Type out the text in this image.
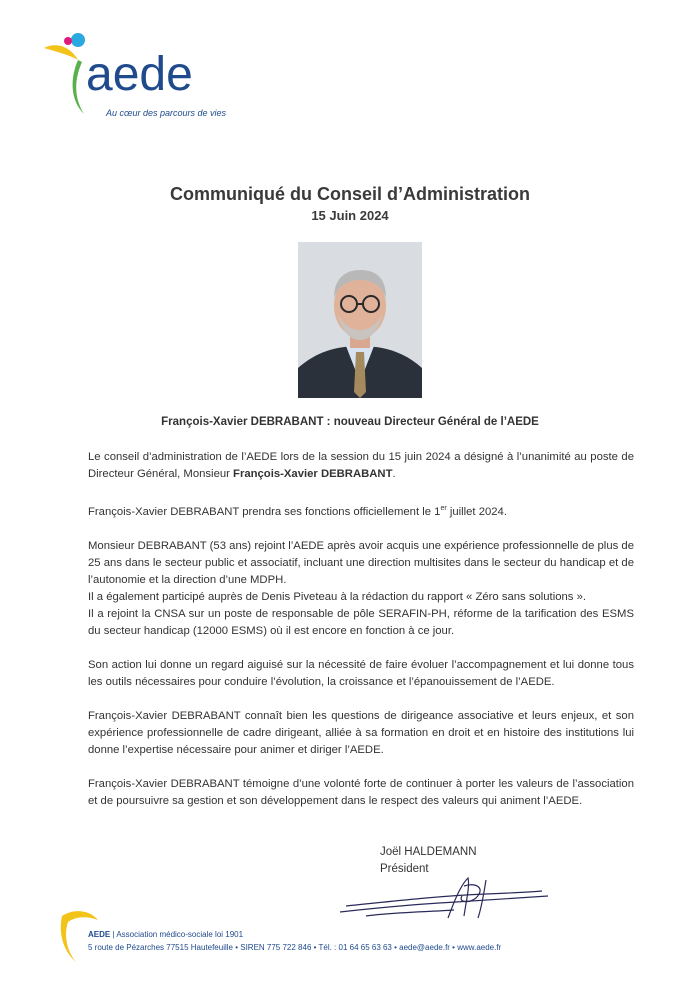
aede
Au cœur des parcours de vies
Communiqué du Conseil d’Administration
15 Juin 2024
François-Xavier DEBRABANT : nouveau Directeur Général de l’AEDE

Le conseil d’administration de l’AEDE lors de la session du 15 juin 2024 a désigné à l’unanimité au poste de Directeur Général, Monsieur François-Xavier DEBRABANT.

François-Xavier DEBRABANT prendra ses fonctions officiellement le 1er juillet 2024.

Monsieur DEBRABANT (53 ans) rejoint l’AEDE après avoir acquis une expérience professionnelle de plus de 25 ans dans le secteur public et associatif, incluant une direction multisites dans le secteur du handicap et de l’autonomie et la direction d’une MDPH.

Il a également participé auprès de Denis Piveteau à la rédaction du rapport « Zéro sans solutions ».

Il a rejoint la CNSA sur un poste de responsable de pôle SERAFIN-PH, réforme de la tarification des ESMS du secteur handicap (12000 ESMS) où il est encore en fonction à ce jour.

Son action lui donne un regard aiguisé sur la nécessité de faire évoluer l’accompagnement et lui donne tous les outils nécessaires pour conduire l’évolution, la croissance et l’épanouissement de l’AEDE.

François-Xavier DEBRABANT connaît bien les questions de dirigeance associative et leurs enjeux, et son expérience professionnelle de cadre dirigeant, alliée à sa formation en droit et en histoire des institutions lui donne l’expertise nécessaire pour animer et diriger l’AEDE.

François-Xavier DEBRABANT témoigne d’une volonté forte de continuer à porter les valeurs de l’association et de poursuivre sa gestion et son développement dans le respect des valeurs qui animent l’AEDE.

Joël HALDEMANN
Président
AEDE | Association médico-sociale loi 1901
5 route de Pézarches 77515 Hautefeuille • SIREN 775 722 846 • Tél. : 01 64 65 63 63 • aede@aede.fr • www.aede.fr
